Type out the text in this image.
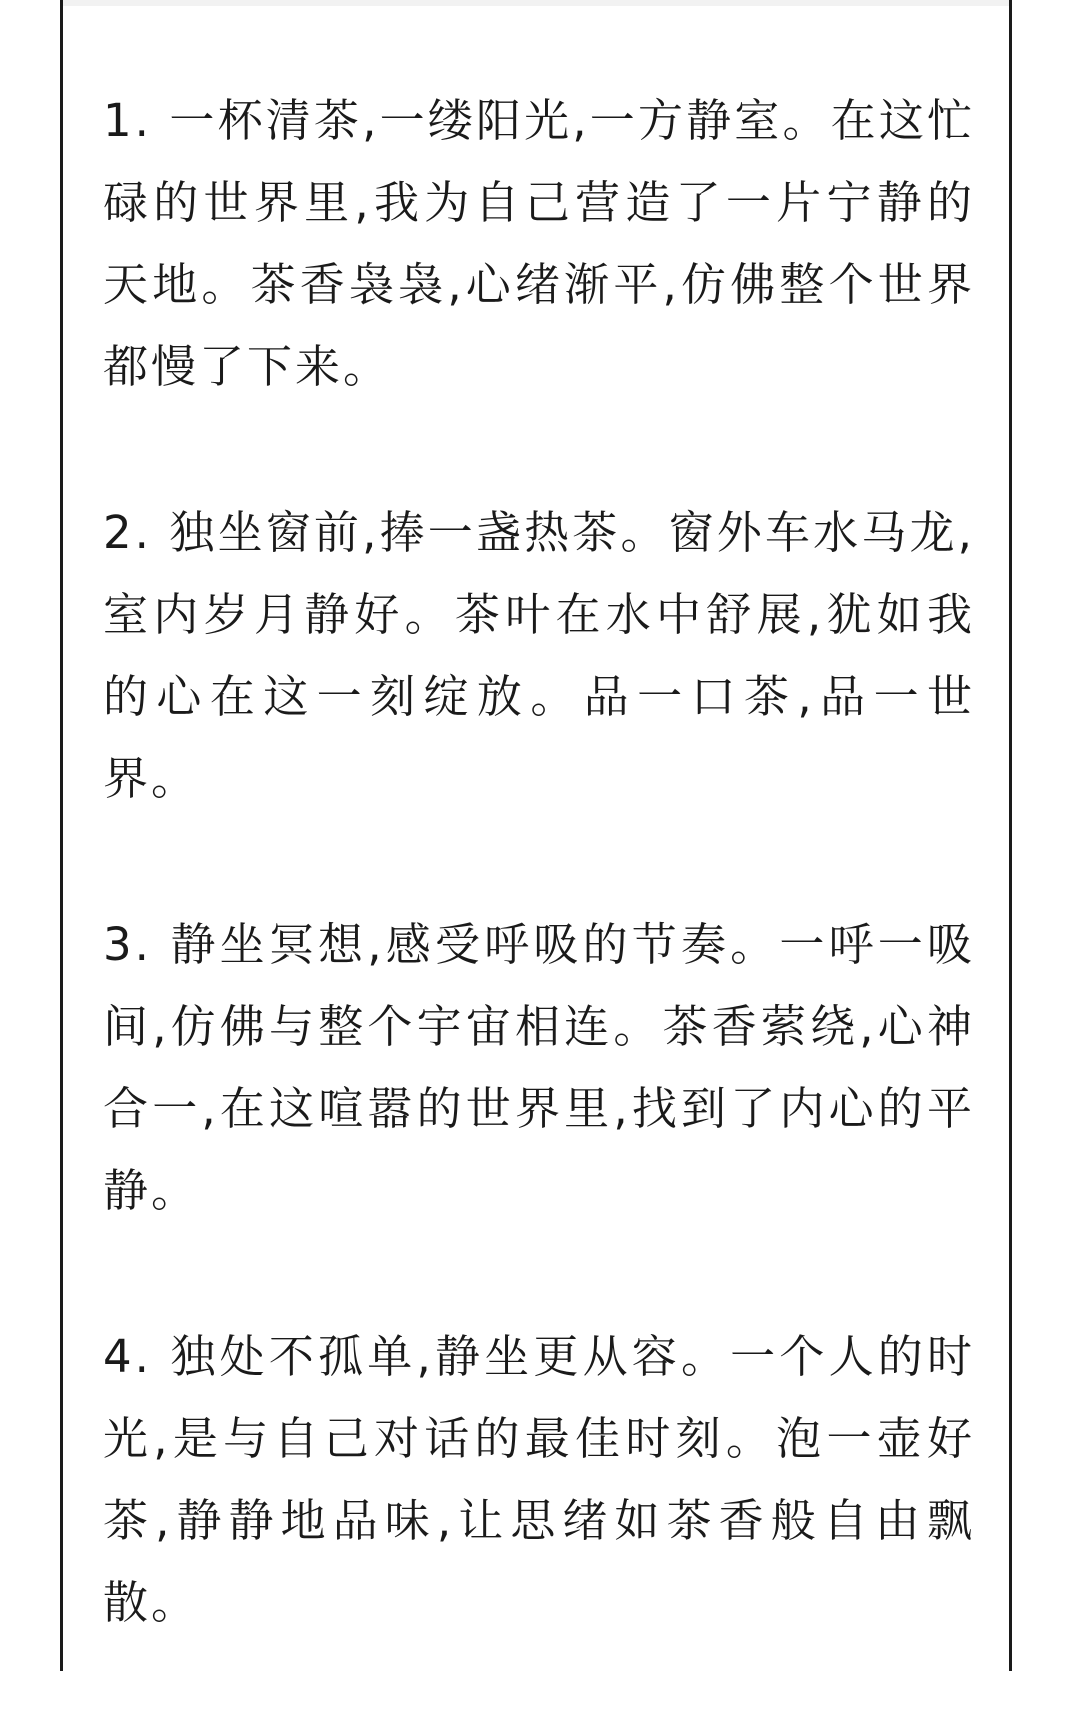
1. 一杯清茶,一缕阳光,一方静室。在这忙碌的世界里,我为自己营造了一片宁静的天地。茶香袅袅,心绪渐平,仿佛整个世界都慢了下来。

2. 独坐窗前,捧一盏热茶。窗外车水马龙,室内岁月静好。茶叶在水中舒展,犹如我的心在这一刻绽放。品一口茶,品一世界。

3. 静坐冥想,感受呼吸的节奏。一呼一吸间,仿佛与整个宇宙相连。茶香萦绕,心神合一,在这喧嚣的世界里,找到了内心的平静。

4. 独处不孤单,静坐更从容。一个人的时光,是与自己对话的最佳时刻。泡一壶好茶,静静地品味,让思绪如茶香般自由飘散。
